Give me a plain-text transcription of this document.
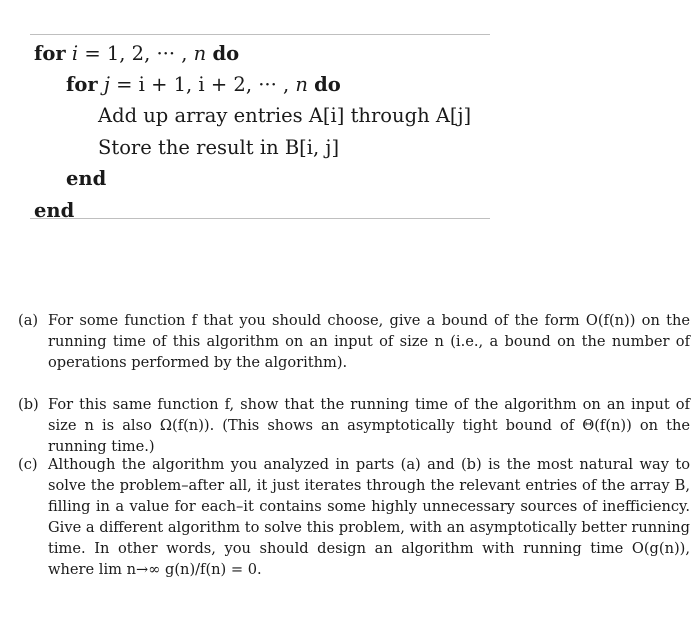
for i = 1, 2, ··· , n do
for j = i + 1, i + 2, ··· , n do
Add up array entries A[i] through A[j]
Store the result in B[i, j]
end
end
(a) For some function f that you should choose, give a bound of the form O(f(n)) on the running time of this algorithm on an input of size n (i.e., a bound on the number of operations performed by the algorithm).
(b) For this same function f, show that the running time of the algorithm on an input of size n is also Ω(f(n)). (This shows an asymptotically tight bound of Θ(f(n)) on the running time.)
(c) Although the algorithm you analyzed in parts (a) and (b) is the most natural way to solve the problem–after all, it just iterates through the relevant entries of the array B, filling in a value for each–it contains some highly unnecessary sources of inefficiency. Give a different algorithm to solve this problem, with an asymptotically better running time. In other words, you should design an algorithm with running time O(g(n)), where lim n→∞ g(n)/f(n) = 0.
